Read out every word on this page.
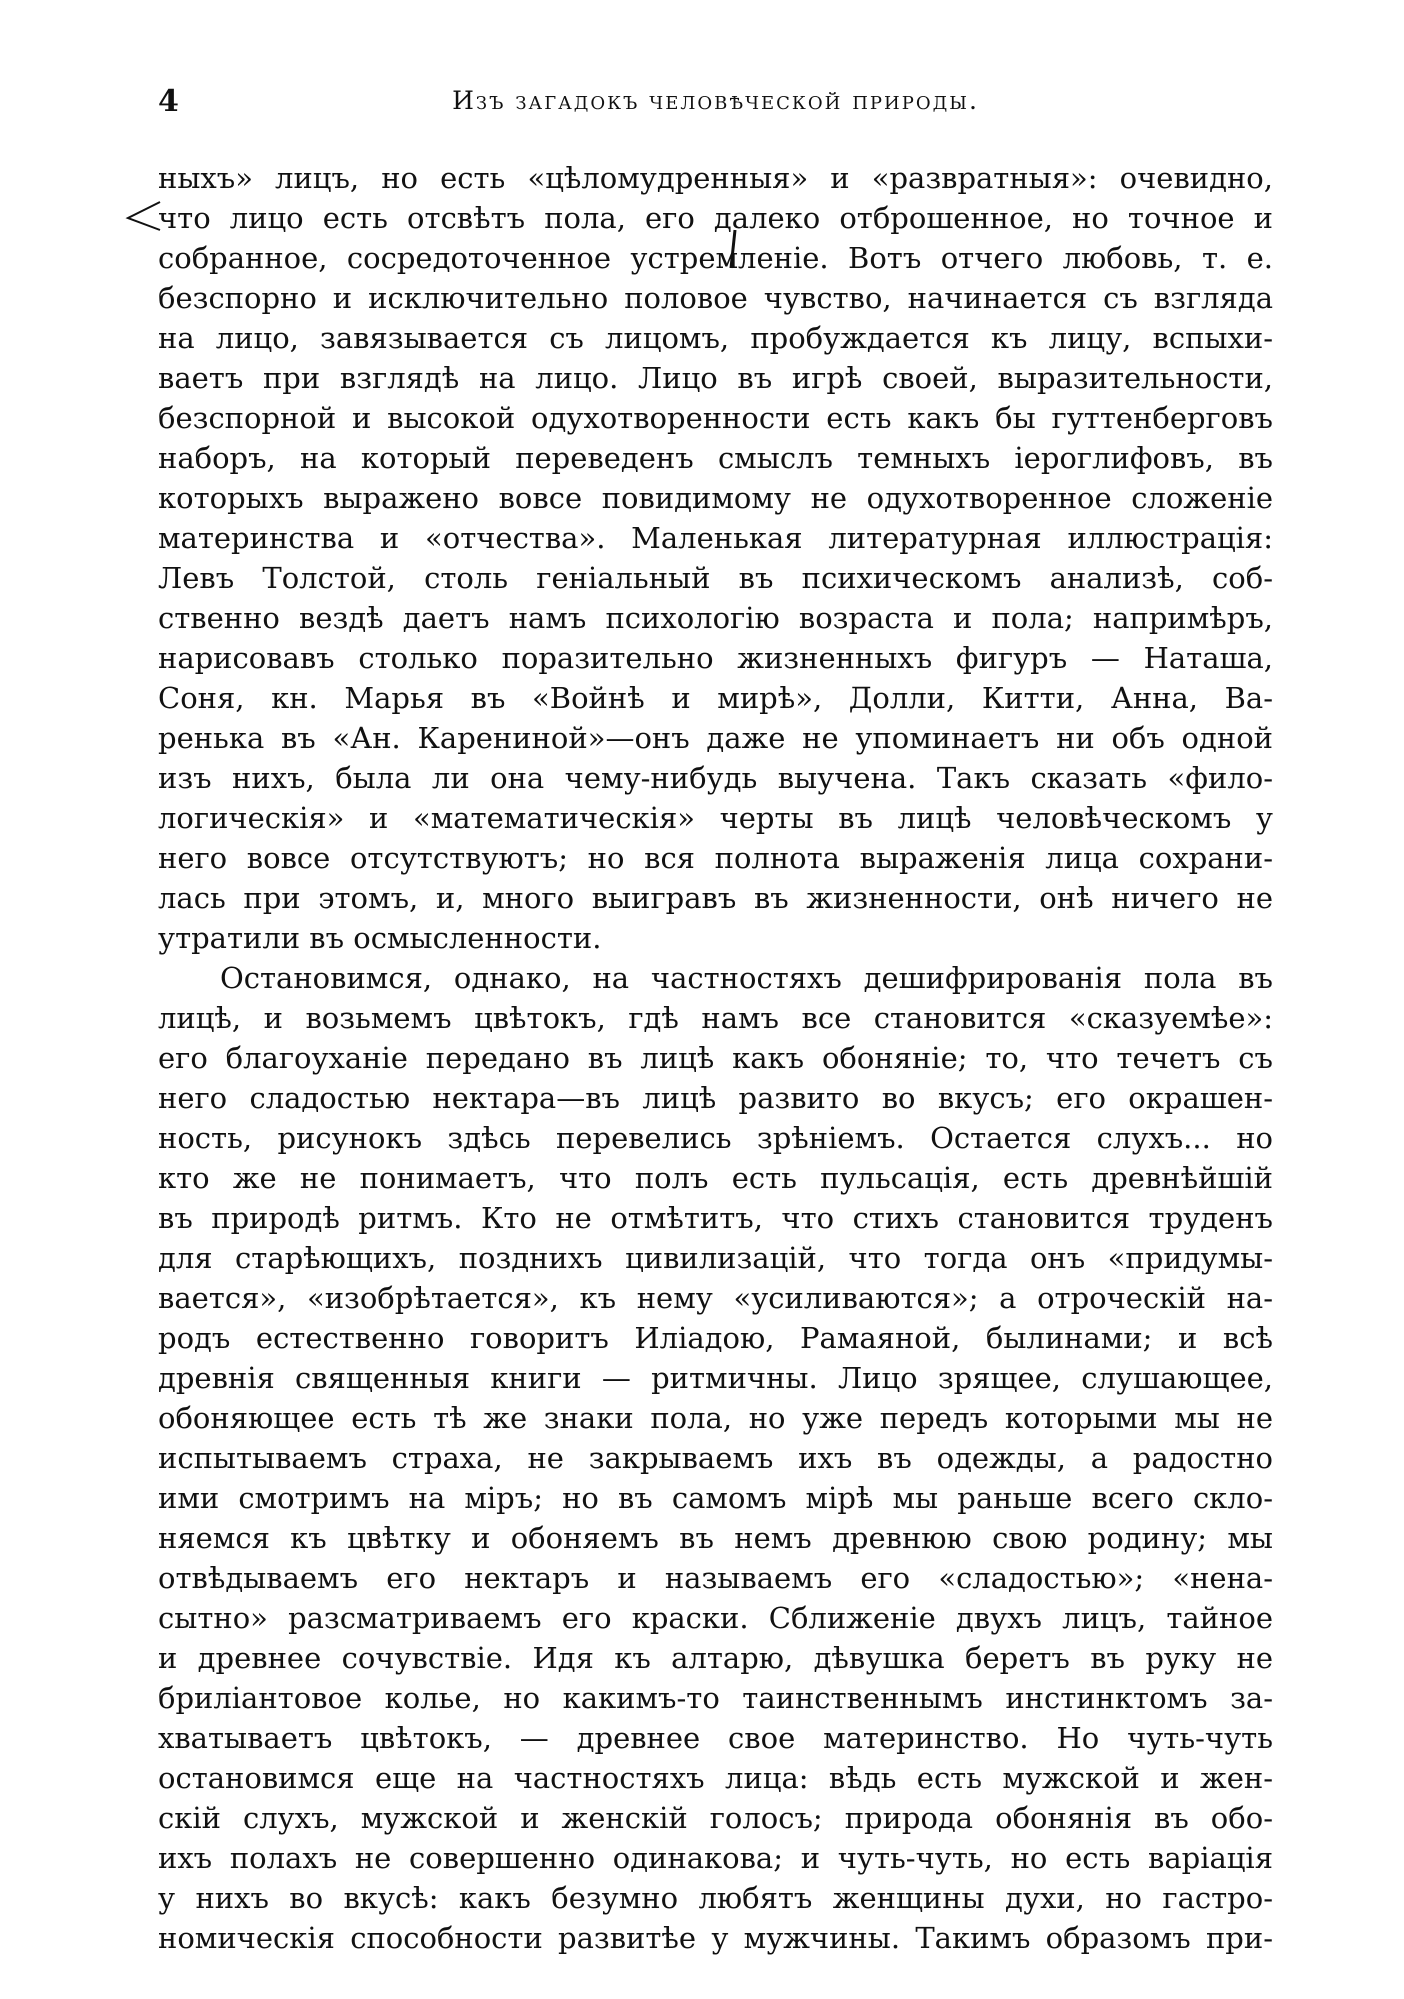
4	Изъ загадокъ человѣческой природы.
ныхъ» лицъ, но есть «цѣломудренныя» и «развратныя»: очевидно,
что лицо есть отсвѣтъ пола, его далеко отброшенное, но точное и
собранное, сосредоточенное устремленіе. Вотъ отчего любовь, т. е.
безспорно и исключительно половое чувство, начинается съ взгляда
на лицо, завязывается съ лицомъ, пробуждается къ лицу, вспыхи-
ваетъ при взглядѣ на лицо. Лицо въ игрѣ своей, выразительности,
безспорной и высокой одухотворенности есть какъ бы гуттенберговъ
наборъ, на который переведенъ смыслъ темныхъ іероглифовъ, въ
которыхъ выражено вовсе повидимому не одухотворенное сложеніе
материнства и «отчества». Маленькая литературная иллюстрація:
Левъ Толстой, столь геніальный въ психическомъ анализѣ, соб-
ственно вездѣ даетъ намъ психологію возраста и пола; напримѣръ,
нарисовавъ столько поразительно жизненныхъ фигуръ — Наташа,
Соня, кн. Марья въ «Войнѣ и мирѣ», Долли, Китти, Анна, Ва-
ренька въ «Ан. Карениной»—онъ даже не упоминаетъ ни объ одной
изъ нихъ, была ли она чему-нибудь выучена. Такъ сказать «фило-
логическія» и «математическія» черты въ лицѣ человѣческомъ у
него вовсе отсутствуютъ; но вся полнота выраженія лица сохрани-
лась при этомъ, и, много выигравъ въ жизненности, онѣ ничего не
утратили въ осмысленности.
Остановимся, однако, на частностяхъ дешифрированія пола въ
лицѣ, и возьмемъ цвѣтокъ, гдѣ намъ все становится «сказуемѣе»:
его благоуханіе передано въ лицѣ какъ обоняніе; то, что течетъ съ
него сладостью нектара—въ лицѣ развито во вкусъ; его окрашен-
ность, рисунокъ здѣсь перевелись зрѣніемъ. Остается слухъ... но
кто же не понимаетъ, что полъ есть пульсація, есть древнѣйшій
въ природѣ ритмъ. Кто не отмѣтитъ, что стихъ становится труденъ
для старѣющихъ, позднихъ цивилизацій, что тогда онъ «придумы-
вается», «изобрѣтается», къ нему «усиливаются»; а отроческій на-
родъ естественно говоритъ Иліадою, Рамаяной, былинами; и всѣ
древнія священныя книги — ритмичны. Лицо зрящее, слушающее,
обоняющее есть тѣ же знаки пола, но уже передъ которыми мы не
испытываемъ страха, не закрываемъ ихъ въ одежды, а радостно
ими смотримъ на міръ; но въ самомъ мірѣ мы раньше всего скло-
няемся къ цвѣтку и обоняемъ въ немъ древнюю свою родину; мы
отвѣдываемъ его нектаръ и называемъ его «сладостью»; «нена-
сытно» разсматриваемъ его краски. Сближеніе двухъ лицъ, тайное
и древнее сочувствіе. Идя къ алтарю, дѣвушка беретъ въ руку не
бриліантовое колье, но какимъ-то таинственнымъ инстинктомъ за-
хватываетъ цвѣтокъ, — древнее свое материнство. Но чуть-чуть
остановимся еще на частностяхъ лица: вѣдь есть мужской и жен-
скій слухъ, мужской и женскій голосъ; природа обонянія въ обо-
ихъ полахъ не совершенно одинакова; и чуть-чуть, но есть варіація
у нихъ во вкусѣ: какъ безумно любятъ женщины духи, но гастро-
номическія способности развитѣе у мужчины. Такимъ образомъ при-
